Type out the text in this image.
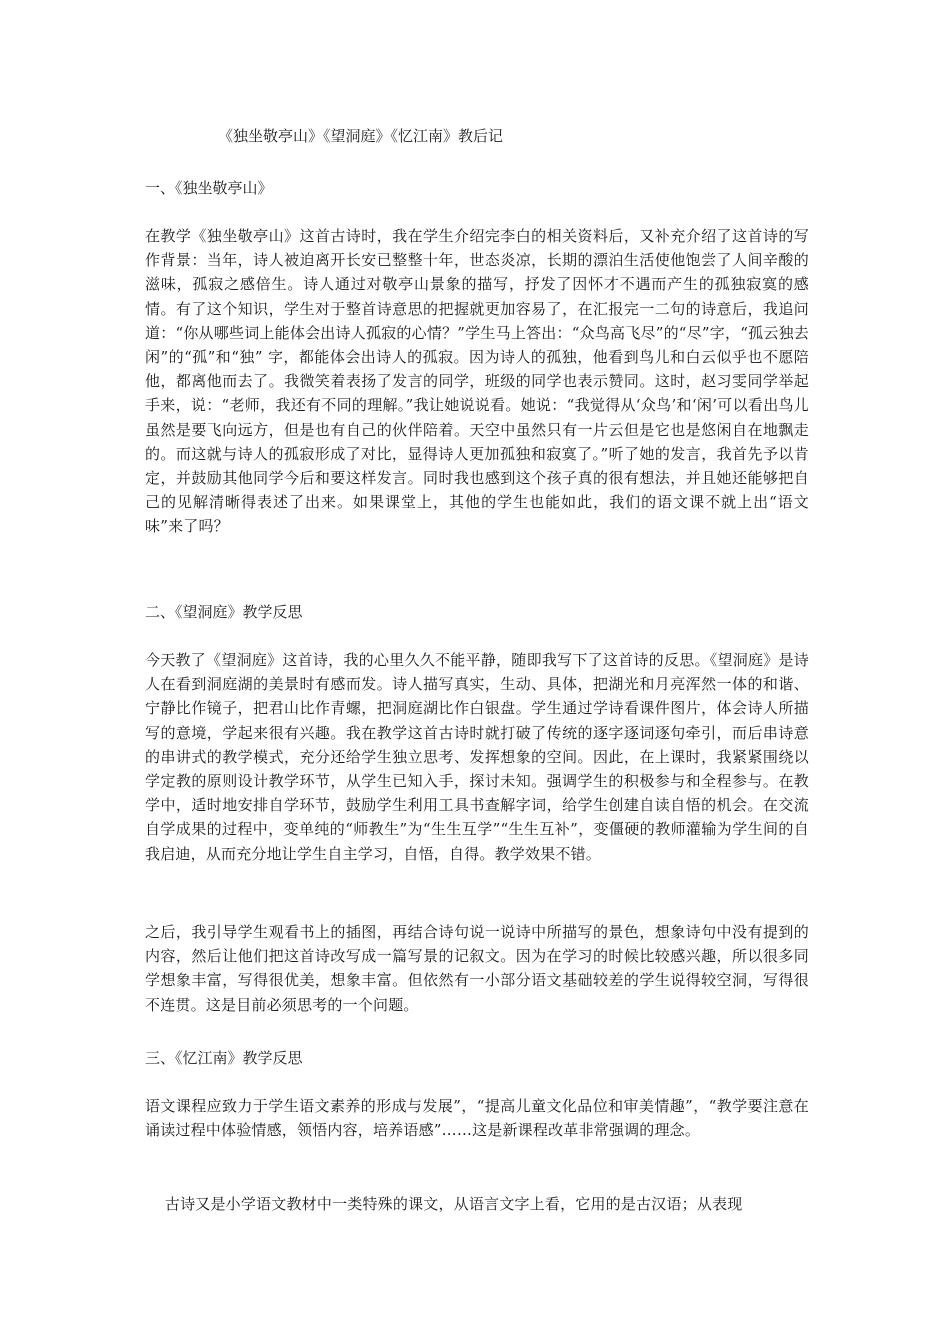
《独坐敬亭山》《望洞庭》《忆江南》教后记
一、《独坐敬亭山》
在教学《独坐敬亭山》这首古诗时，我在学生介绍完李白的相关资料后，又补充介绍了这首诗的写作背景：当年，诗人被迫离开长安已整整十年，世态炎凉，长期的漂泊生活使他饱尝了人间辛酸的滋味，孤寂之感倍生。诗人通过对敬亭山景象的描写，抒发了因怀才不遇而产生的孤独寂寞的感情。有了这个知识，学生对于整首诗意思的把握就更加容易了，在汇报完一二句的诗意后，我追问道：“你从哪些词上能体会出诗人孤寂的心情？”学生马上答出：“众鸟高飞尽”的“尽”字，“孤云独去闲”的“孤”和“独” 字，都能体会出诗人的孤寂。因为诗人的孤独，他看到鸟儿和白云似乎也不愿陪他，都离他而去了。我微笑着表扬了发言的同学，班级的同学也表示赞同。这时，赵习雯同学举起手来，说：“老师，我还有不同的理解。”我让她说说看。她说：“我觉得从‘众鸟’和‘闲’可以看出鸟儿虽然是要飞向远方，但是也有自己的伙伴陪着。天空中虽然只有一片云但是它也是悠闲自在地飘走的。而这就与诗人的孤寂形成了对比，显得诗人更加孤独和寂寞了。”听了她的发言，我首先予以肯定，并鼓励其他同学今后和要这样发言。同时我也感到这个孩子真的很有想法，并且她还能够把自己的见解清晰得表述了出来。如果课堂上，其他的学生也能如此，我们的语文课不就上出“语文味”来了吗？
二、《望洞庭》教学反思
今天教了《望洞庭》这首诗，我的心里久久不能平静，随即我写下了这首诗的反思。《望洞庭》是诗人在看到洞庭湖的美景时有感而发。诗人描写真实，生动、具体，把湖光和月亮浑然一体的和谐、宁静比作镜子，把君山比作青螺，把洞庭湖比作白银盘。学生通过学诗看课件图片，体会诗人所描写的意境，学起来很有兴趣。我在教学这首古诗时就打破了传统的逐字逐词逐句牵引，而后串诗意的串讲式的教学模式，充分还给学生独立思考、发挥想象的空间。因此，在上课时，我紧紧围绕以学定教的原则设计教学环节，从学生已知入手，探讨未知。强调学生的积极参与和全程参与。在教学中，适时地安排自学环节，鼓励学生利用工具书查解字词，给学生创建自读自悟的机会。在交流自学成果的过程中，变单纯的“师教生”为“生生互学”“生生互补”，变僵硬的教师灌输为学生间的自我启迪，从而充分地让学生自主学习，自悟，自得。教学效果不错。
之后，我引导学生观看书上的插图，再结合诗句说一说诗中所描写的景色，想象诗句中没有提到的内容，然后让他们把这首诗改写成一篇写景的记叙文。因为在学习的时候比较感兴趣，所以很多同学想象丰富，写得很优美，想象丰富。但依然有一小部分语文基础较差的学生说得较空洞，写得很不连贯。这是目前必须思考的一个问题。
三、《忆江南》教学反思
语文课程应致力于学生语文素养的形成与发展”，“提高儿童文化品位和审美情趣”，“教学要注意在诵读过程中体验情感，领悟内容，培养语感”……这是新课程改革非常强调的理念。
古诗又是小学语文教材中一类特殊的课文，从语言文字上看，它用的是古汉语；从表现
